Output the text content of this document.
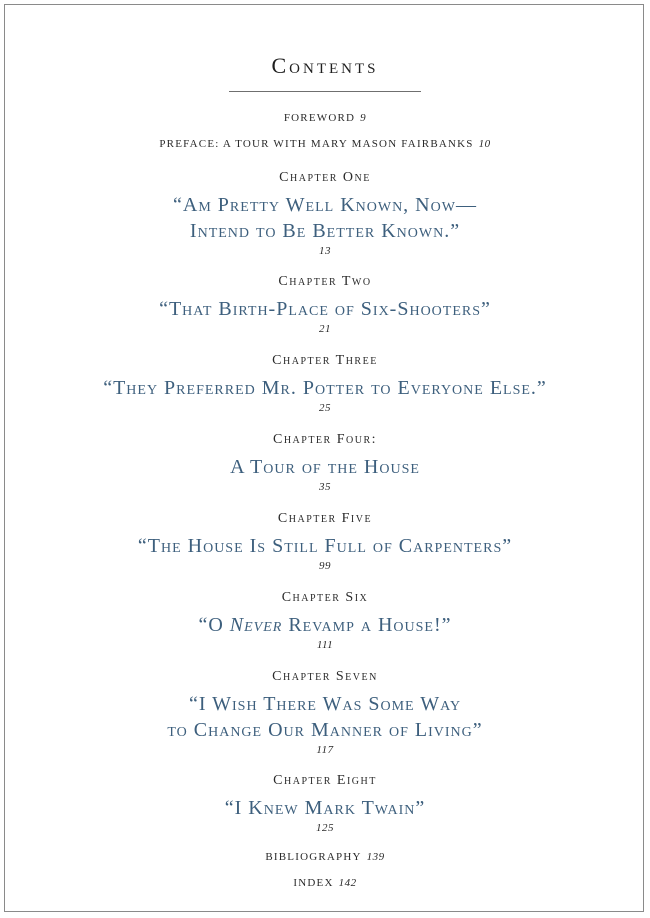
Contents
FOREWORD 9
PREFACE: A TOUR WITH MARY MASON FAIRBANKS 10
Chapter One
“Am Pretty Well Known, Now—
Intend to Be Better Known.”
13
Chapter Two
“That Birth-Place of Six-Shooters”
21
Chapter Three
“They Preferred Mr. Potter to Everyone Else.”
25
Chapter Four:
A Tour of the House
35
Chapter Five
“The House Is Still Full of Carpenters”
99
Chapter Six
“O Never Revamp a House!”
111
Chapter Seven
“I Wish There Was Some Way
to Change Our Manner of Living”
117
Chapter Eight
“I Knew Mark Twain”
125
BIBLIOGRAPHY 139
INDEX 142
